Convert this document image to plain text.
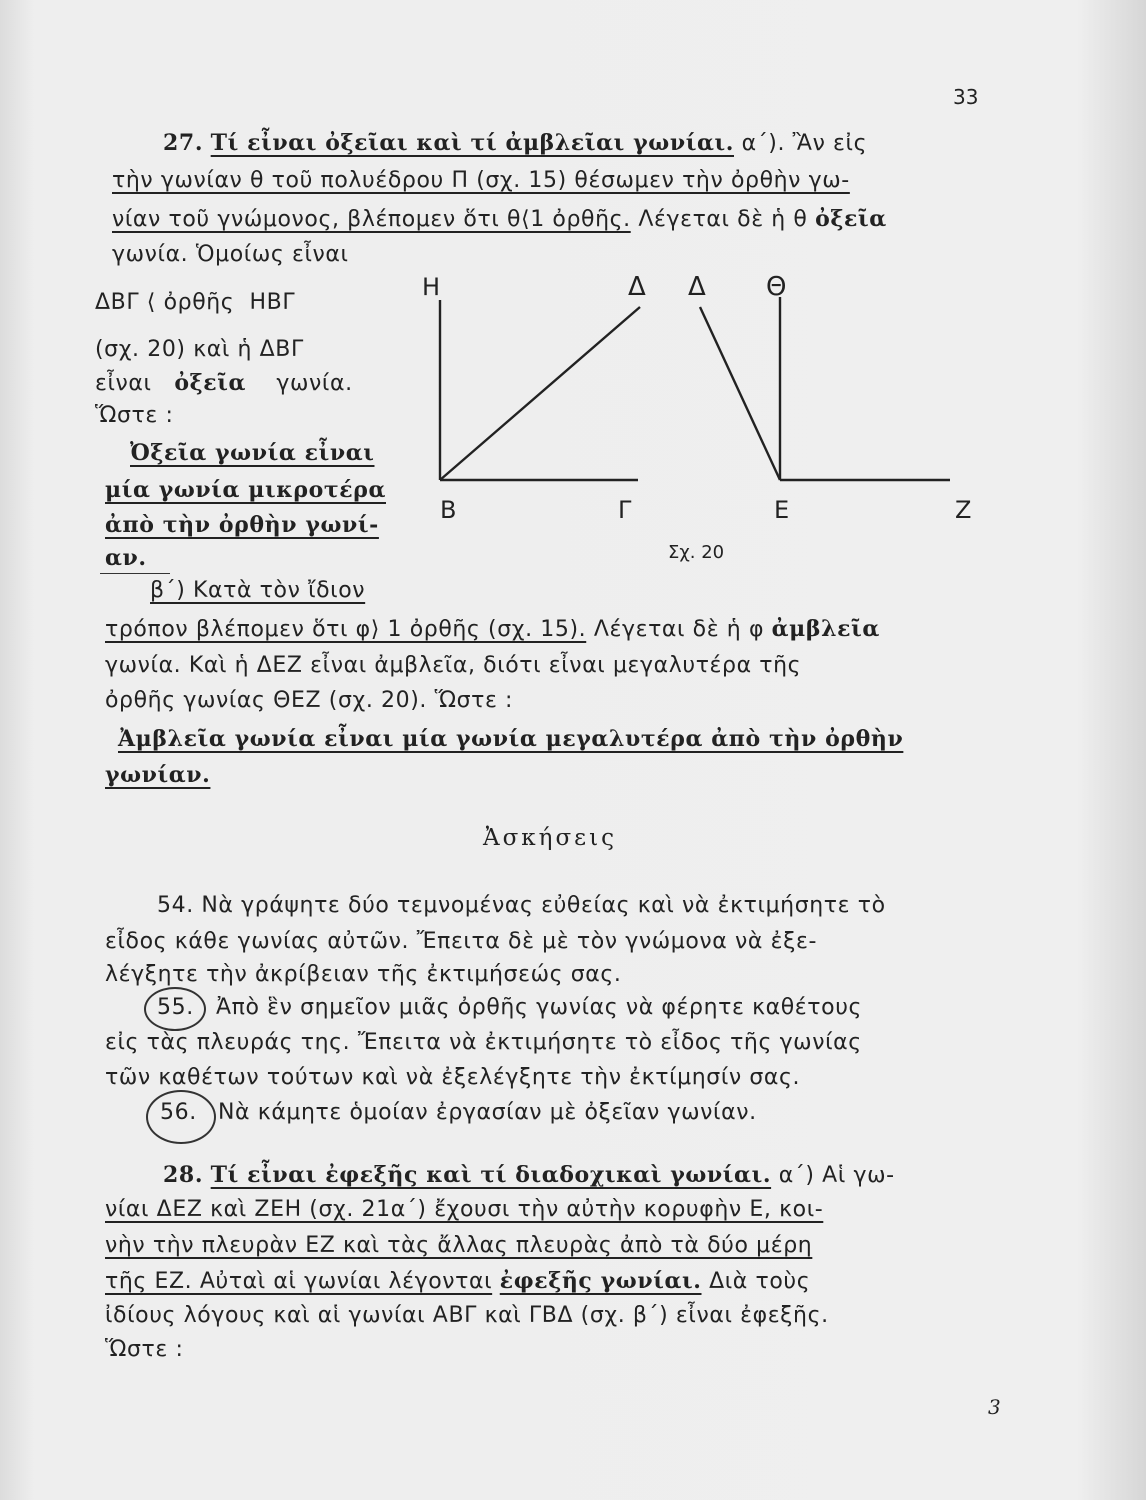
33
27. Τί εἶναι ὀξεῖαι καὶ τί ἀμβλεῖαι γωνίαι. α΄). Ἂν εἰς
τὴν γωνίαν θ τοῦ πολυέδρου Π (σχ. 15) θέσωμεν τὴν ὀρθὴν γω-
νίαν τοῦ γνώμονος, βλέπομεν ὅτι θ⟨1 ὀρθῆς. Λέγεται δὲ ἡ θ ὀξεῖα
γωνία. Ὁμοίως εἶναι
ΔΒΓ ⟨ ὀρθῆς ΗΒΓ
(σχ. 20) καὶ ἡ ΔΒΓ
εἶναι ὀξεῖα γωνία.
Ὥστε :
Ὀξεῖα γωνία εἶναι
μία γωνία μικροτέρα
ἀπὸ τὴν ὀρθὴν γωνί-
αν.
Η	Δ Δ Θ
Β	Γ	Ε	Ζ
Σχ. 20
β΄) Κατὰ τὸν ἴδιον
τρόπον βλέπομεν ὅτι φ⟩ 1 ὀρθῆς (σχ. 15). Λέγεται δὲ ἡ φ ἀμβλεῖα
γωνία. Καὶ ἡ ΔΕΖ εἶναι ἀμβλεῖα, διότι εἶναι μεγαλυτέρα τῆς
ὀρθῆς γωνίας ΘΕΖ (σχ. 20). Ὥστε :
Ἀμβλεῖα γωνία εἶναι μία γωνία μεγαλυτέρα ἀπὸ τὴν ὀρθὴν
γωνίαν.
Ἀσκήσεις
54. Νὰ γράψητε δύο τεμνομένας εὐθείας καὶ νὰ ἐκτιμήσητε τὸ
εἶδος κάθε γωνίας αὐτῶν. Ἔπειτα δὲ μὲ τὸν γνώμονα νὰ ἐξε-
λέγξητε τὴν ἀκρίβειαν τῆς ἐκτιμήσεώς σας.
55. Ἀπὸ ἓν σημεῖον μιᾶς ὀρθῆς γωνίας νὰ φέρητε καθέτους
εἰς τὰς πλευράς της. Ἔπειτα νὰ ἐκτιμήσητε τὸ εἶδος τῆς γωνίας
τῶν καθέτων τούτων καὶ νὰ ἐξελέγξητε τὴν ἐκτίμησίν σας.
56. Νὰ κάμητε ὁμοίαν ἐργασίαν μὲ ὀξεῖαν γωνίαν.
28. Τί εἶναι ἐφεξῆς καὶ τί διαδοχικαὶ γωνίαι. α΄) Αἱ γω-
νίαι ΔΕΖ καὶ ΖΕΗ (σχ. 21α΄) ἔχουσι τὴν αὐτὴν κορυφὴν Ε, κοι-
νὴν τὴν πλευρὰν ΕΖ καὶ τὰς ἄλλας πλευρὰς ἀπὸ τὰ δύο μέρη
τῆς ΕΖ. Αὐταὶ αἱ γωνίαι λέγονται ἐφεξῆς γωνίαι. Διὰ τοὺς
ἰδίους λόγους καὶ αἱ γωνίαι ΑΒΓ καὶ ΓΒΔ (σχ. β΄) εἶναι ἐφεξῆς.
Ὥστε :
3
